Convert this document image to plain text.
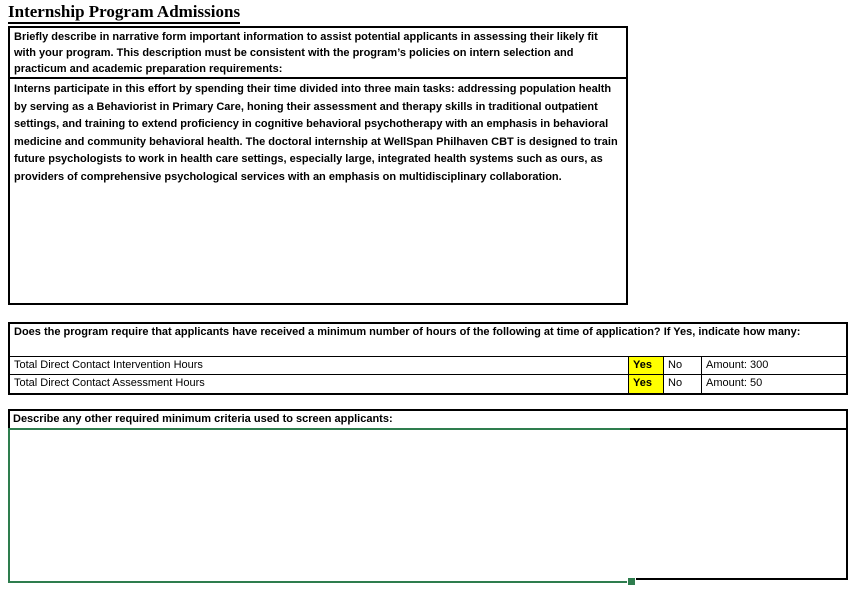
Internship Program Admissions
Briefly describe in narrative form important information to assist potential applicants in assessing their likely fit with your program. This description must be consistent with the program’s policies on intern selection and practicum and academic preparation requirements:
Interns participate in this effort by spending their time divided into three main tasks: addressing population health by serving as a Behaviorist in Primary Care, honing their assessment and therapy skills in traditional outpatient settings, and training to extend proficiency in cognitive behavioral psychotherapy with an emphasis in behavioral medicine and community behavioral health. The doctoral internship at WellSpan Philhaven CBT is designed to train future psychologists to work in health care settings, especially large, integrated health systems such as ours, as providers of comprehensive psychological services with an emphasis on multidisciplinary collaboration.
Does the program require that applicants have received a minimum number of hours of the following at time of application? If Yes, indicate how many:
Total Direct Contact Intervention Hours	Yes	No	Amount: 300
Total Direct Contact Assessment Hours	Yes	No	Amount: 50
Describe any other required minimum criteria used to screen applicants:
